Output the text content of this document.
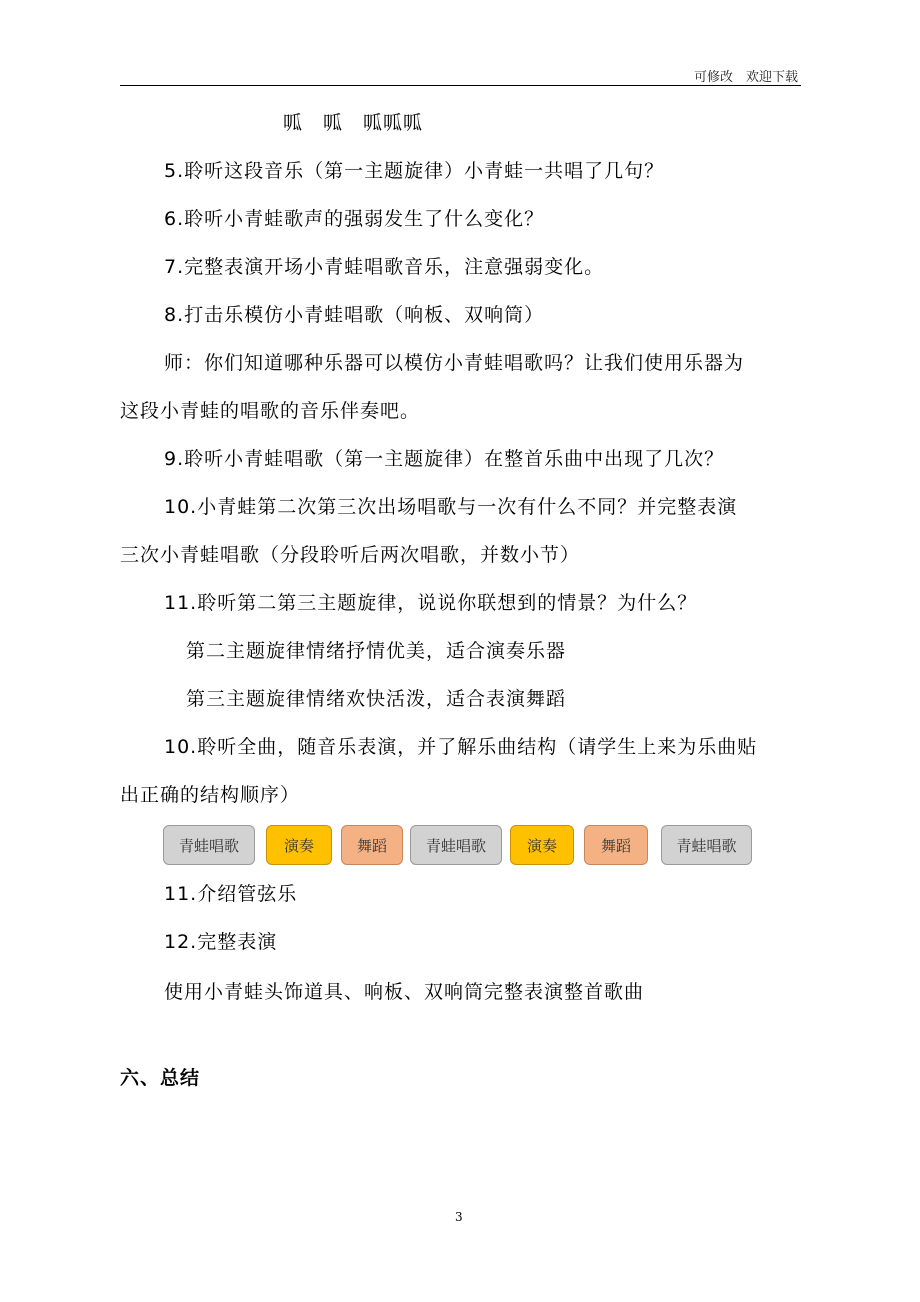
可修改　欢迎下载
呱　呱　呱呱呱
5.聆听这段音乐（第一主题旋律）小青蛙一共唱了几句？
6.聆听小青蛙歌声的强弱发生了什么变化？
7.完整表演开场小青蛙唱歌音乐，注意强弱变化。
8.打击乐模仿小青蛙唱歌（响板、双响筒）
师：你们知道哪种乐器可以模仿小青蛙唱歌吗？让我们使用乐器为
这段小青蛙的唱歌的音乐伴奏吧。
9.聆听小青蛙唱歌（第一主题旋律）在整首乐曲中出现了几次？
10.小青蛙第二次第三次出场唱歌与一次有什么不同？并完整表演
三次小青蛙唱歌（分段聆听后两次唱歌，并数小节）
11.聆听第二第三主题旋律，说说你联想到的情景？为什么？
第二主题旋律情绪抒情优美，适合演奏乐器
第三主题旋律情绪欢快活泼，适合表演舞蹈
10.聆听全曲，随音乐表演，并了解乐曲结构（请学生上来为乐曲贴
出正确的结构顺序）
青蛙唱歌	演奏	舞蹈	青蛙唱歌	演奏	舞蹈	青蛙唱歌
11.介绍管弦乐
12.完整表演
使用小青蛙头饰道具、响板、双响筒完整表演整首歌曲
六、总结
3
